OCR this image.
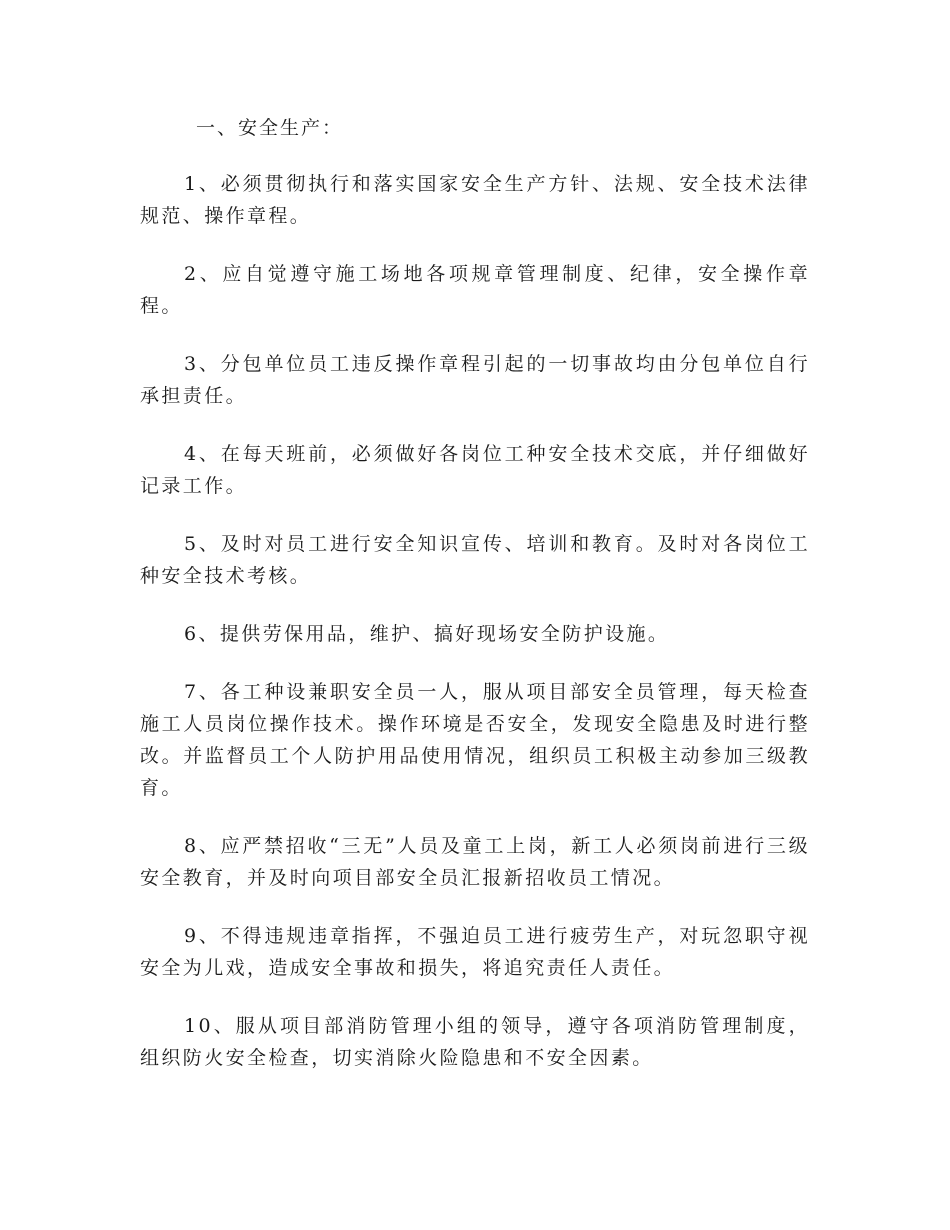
一、安全生产：

1、必须贯彻执行和落实国家安全生产方针、法规、安全技术法律规范、操作章程。

2、应自觉遵守施工场地各项规章管理制度、纪律，安全操作章程。

3、分包单位员工违反操作章程引起的一切事故均由分包单位自行承担责任。

4、在每天班前，必须做好各岗位工种安全技术交底，并仔细做好记录工作。

5、及时对员工进行安全知识宣传、培训和教育。及时对各岗位工种安全技术考核。

6、提供劳保用品，维护、搞好现场安全防护设施。

7、各工种设兼职安全员一人，服从项目部安全员管理，每天检查施工人员岗位操作技术。操作环境是否安全，发现安全隐患及时进行整改。并监督员工个人防护用品使用情况，组织员工积极主动参加三级教育。

8、应严禁招收“三无”人员及童工上岗，新工人必须岗前进行三级安全教育，并及时向项目部安全员汇报新招收员工情况。

9、不得违规违章指挥，不强迫员工进行疲劳生产，对玩忽职守视安全为儿戏，造成安全事故和损失，将追究责任人责任。

10、服从项目部消防管理小组的领导，遵守各项消防管理制度，组织防火安全检查，切实消除火险隐患和不安全因素。
